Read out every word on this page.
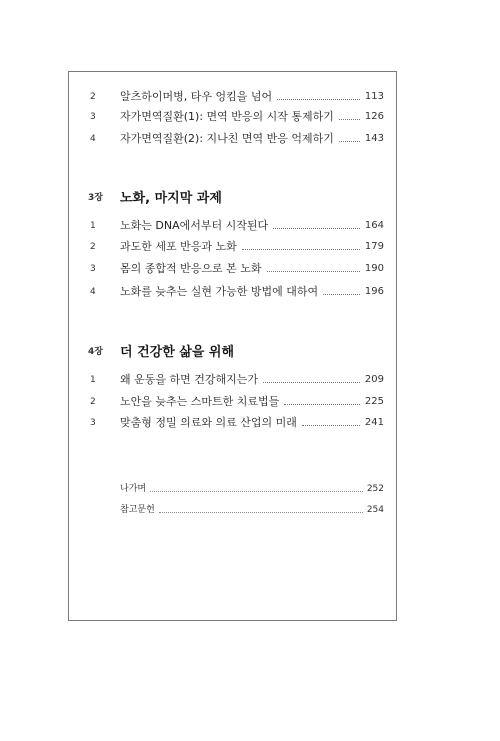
2	알츠하이머병, 타우 엉킴을 넘어	113
3	자가면역질환(1): 면역 반응의 시작 통제하기	126
4	자가면역질환(2): 지나친 면역 반응 억제하기	143
3장	노화, 마지막 과제
1	노화는 DNA에서부터 시작된다	164
2	과도한 세포 반응과 노화	179
3	몸의 종합적 반응으로 본 노화	190
4	노화를 늦추는 실현 가능한 방법에 대하여	196
4장	더 건강한 삶을 위해
1	왜 운동을 하면 건강해지는가	209
2	노안을 늦추는 스마트한 치료법들	225
3	맞춤형 정밀 의료와 의료 산업의 미래	241
나가며	252
참고문헌	254
